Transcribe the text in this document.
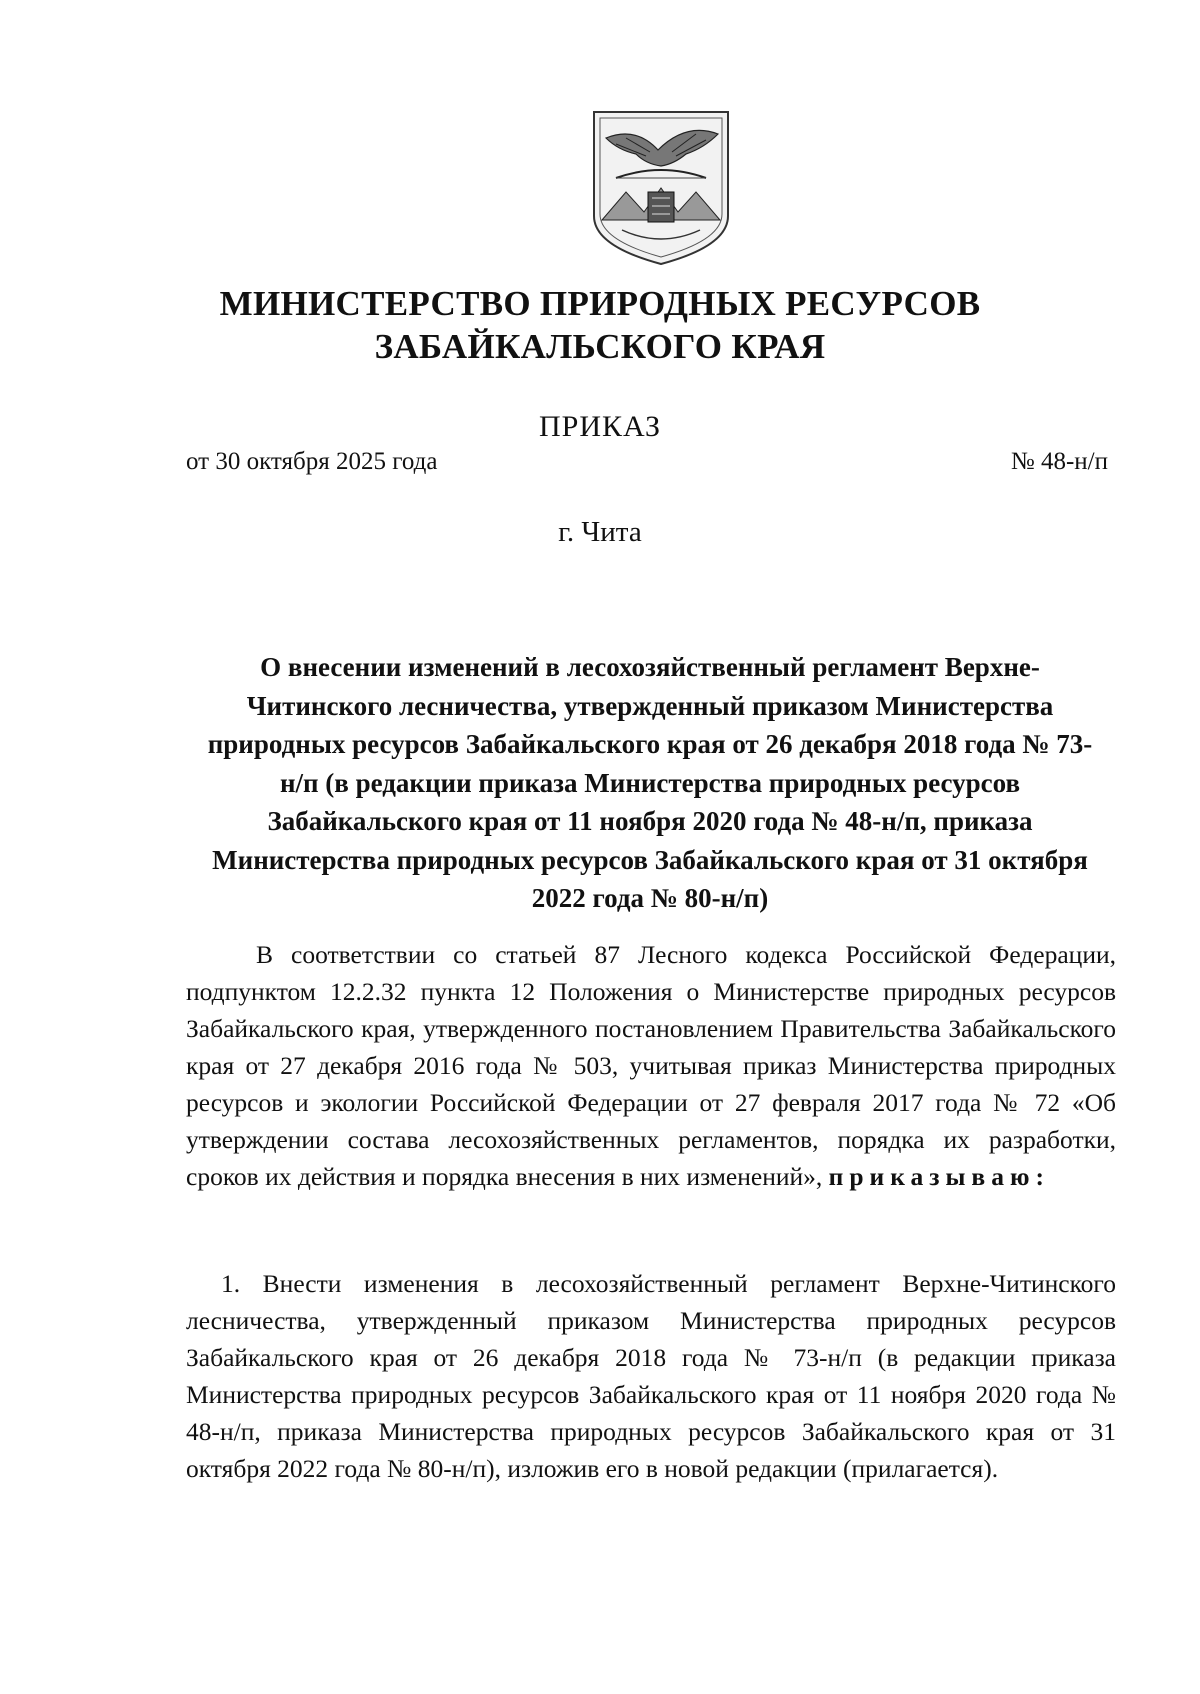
МИНИСТЕРСТВО ПРИРОДНЫХ РЕСУРСОВ
ЗАБАЙКАЛЬСКОГО КРАЯ
ПРИКАЗ
от 30 октября 2025 года	№ 48-н/п
г. Чита
О внесении изменений в лесохозяйственный регламент Верхне-
Читинского лесничества, утвержденный приказом Министерства
природных ресурсов Забайкальского края от 26 декабря 2018 года № 73-
н/п (в редакции приказа Министерства природных ресурсов
Забайкальского края от 11 ноября 2020 года № 48-н/п, приказа
Министерства природных ресурсов Забайкальского края от 31 октября
2022 года № 80-н/п)

В соответствии со статьей 87 Лесного кодекса Российской Федерации, подпунктом 12.2.32 пункта 12 Положения о Министерстве природных ресурсов Забайкальского края, утвержденного постановлением Правительства Забайкальского края от 27 декабря 2016 года № 503, учитывая приказ Министерства природных ресурсов и экологии Российской Федерации от 27 февраля 2017 года № 72 «Об утверждении состава лесохозяйственных регламентов, порядка их разработки, сроков их действия и порядка внесения в них изменений», приказываю:

1. Внести изменения в лесохозяйственный регламент Верхне-Читинского лесничества, утвержденный приказом Министерства природных ресурсов Забайкальского края от 26 декабря 2018 года № 73-н/п (в редакции приказа Министерства природных ресурсов Забайкальского края от 11 ноября 2020 года № 48-н/п, приказа Министерства природных ресурсов Забайкальского края от 31 октября 2022 года № 80-н/п), изложив его в новой редакции (прилагается).
